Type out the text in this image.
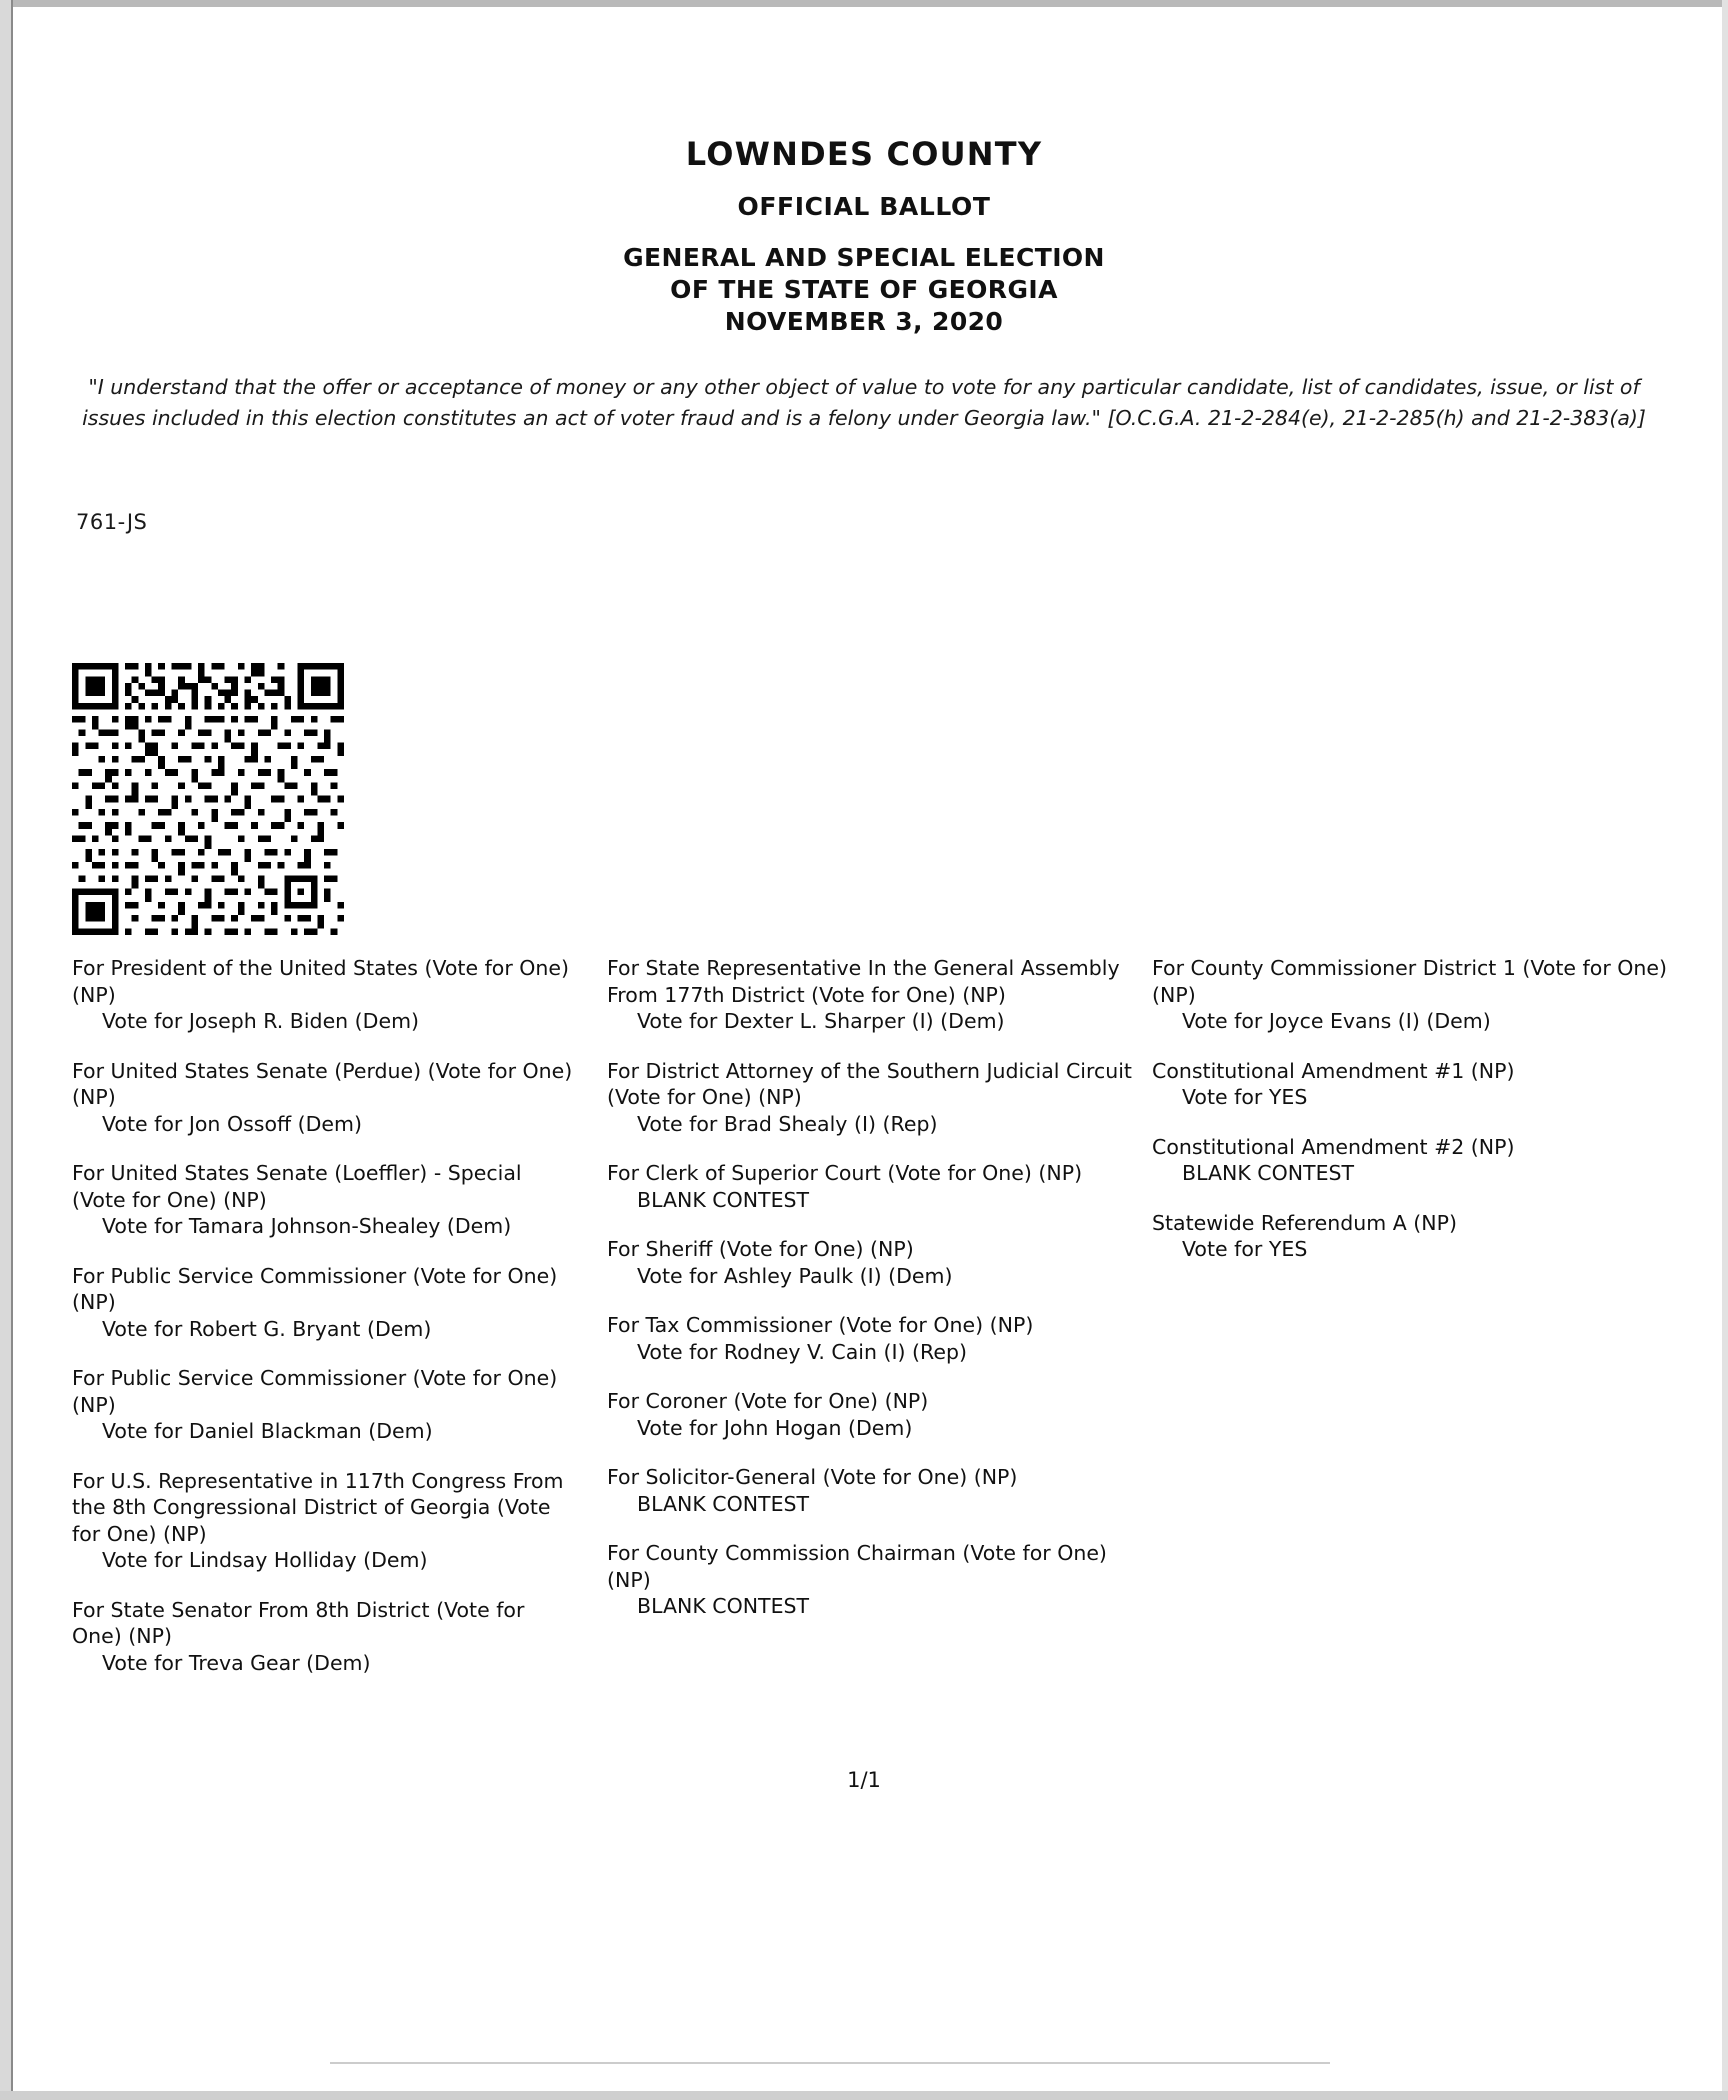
LOWNDES COUNTY
OFFICIAL BALLOT
GENERAL AND SPECIAL ELECTION
OF THE STATE OF GEORGIA
NOVEMBER 3, 2020
"I understand that the offer or acceptance of money or any other object of value to vote for any particular candidate, list of candidates, issue, or list of issues included in this election constitutes an act of voter fraud and is a felony under Georgia law." [O.C.G.A. 21-2-284(e), 21-2-285(h) and 21-2-383(a)]
761-JS
For President of the United States (Vote for One) (NP)
Vote for Joseph R. Biden (Dem)
For United States Senate (Perdue) (Vote for One) (NP)
Vote for Jon Ossoff (Dem)
For United States Senate (Loeffler) - Special (Vote for One) (NP)
Vote for Tamara Johnson-Shealey (Dem)
For Public Service Commissioner (Vote for One) (NP)
Vote for Robert G. Bryant (Dem)
For Public Service Commissioner (Vote for One) (NP)
Vote for Daniel Blackman (Dem)
For U.S. Representative in 117th Congress From the 8th Congressional District of Georgia (Vote for One) (NP)
Vote for Lindsay Holliday (Dem)
For State Senator From 8th District (Vote for One) (NP)
Vote for Treva Gear (Dem)
For State Representative In the General Assembly From 177th District (Vote for One) (NP)
Vote for Dexter L. Sharper (I) (Dem)
For District Attorney of the Southern Judicial Circuit (Vote for One) (NP)
Vote for Brad Shealy (I) (Rep)
For Clerk of Superior Court (Vote for One) (NP)
BLANK CONTEST
For Sheriff (Vote for One) (NP)
Vote for Ashley Paulk (I) (Dem)
For Tax Commissioner (Vote for One) (NP)
Vote for Rodney V. Cain (I) (Rep)
For Coroner (Vote for One) (NP)
Vote for John Hogan (Dem)
For Solicitor-General (Vote for One) (NP)
BLANK CONTEST
For County Commission Chairman (Vote for One) (NP)
BLANK CONTEST
For County Commissioner District 1 (Vote for One) (NP)
Vote for Joyce Evans (I) (Dem)
Constitutional Amendment #1 (NP)
Vote for YES
Constitutional Amendment #2 (NP)
BLANK CONTEST
Statewide Referendum A (NP)
Vote for YES
1/1
